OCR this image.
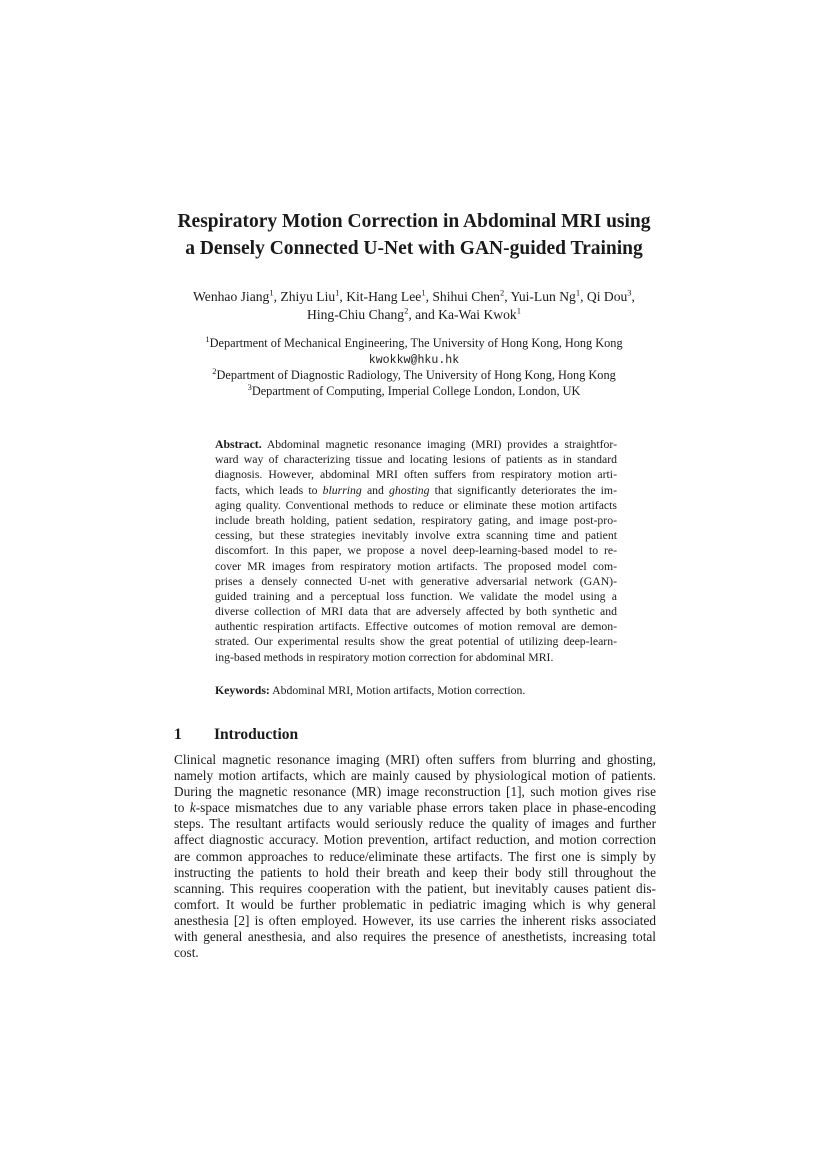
Respiratory Motion Correction in Abdominal MRI using
a Densely Connected U-Net with GAN-guided Training
Wenhao Jiang$^1$, Zhiyu Liu$^1$, Kit-Hang Lee$^1$, Shihui Chen$^2$, Yui-Lun Ng$^1$, Qi Dou$^3$,
Hing-Chiu Chang$^2$, and Ka-Wai Kwok$^1$
$^1$Department of Mechanical Engineering, The University of Hong Kong, Hong Kong
kwokkw@hku.hk
$^2$Department of Diagnostic Radiology, The University of Hong Kong, Hong Kong
$^3$Department of Computing, Imperial College London, London, UK
Abstract. Abdominal magnetic resonance imaging (MRI) provides a straightfor-
ward way of characterizing tissue and locating lesions of patients as in standard
diagnosis. However, abdominal MRI often suffers from respiratory motion arti-
facts, which leads to blurring and ghosting that significantly deteriorates the im-
aging quality. Conventional methods to reduce or eliminate these motion artifacts
include breath holding, patient sedation, respiratory gating, and image post-pro-
cessing, but these strategies inevitably involve extra scanning time and patient
discomfort. In this paper, we propose a novel deep-learning-based model to re-
cover MR images from respiratory motion artifacts. The proposed model com-
prises a densely connected U-net with generative adversarial network (GAN)-
guided training and a perceptual loss function. We validate the model using a
diverse collection of MRI data that are adversely affected by both synthetic and
authentic respiration artifacts. Effective outcomes of motion removal are demon-
strated. Our experimental results show the great potential of utilizing deep-learn-
ing-based methods in respiratory motion correction for abdominal MRI.
Keywords: Abdominal MRI, Motion artifacts, Motion correction.
1 Introduction
Clinical magnetic resonance imaging (MRI) often suffers from blurring and ghosting,
namely motion artifacts, which are mainly caused by physiological motion of patients.
During the magnetic resonance (MR) image reconstruction [1], such motion gives rise
to k-space mismatches due to any variable phase errors taken place in phase-encoding
steps. The resultant artifacts would seriously reduce the quality of images and further
affect diagnostic accuracy. Motion prevention, artifact reduction, and motion correction
are common approaches to reduce/eliminate these artifacts. The first one is simply by
instructing the patients to hold their breath and keep their body still throughout the
scanning. This requires cooperation with the patient, but inevitably causes patient dis-
comfort. It would be further problematic in pediatric imaging which is why general
anesthesia [2] is often employed. However, its use carries the inherent risks associated
with general anesthesia, and also requires the presence of anesthetists, increasing total
cost.
